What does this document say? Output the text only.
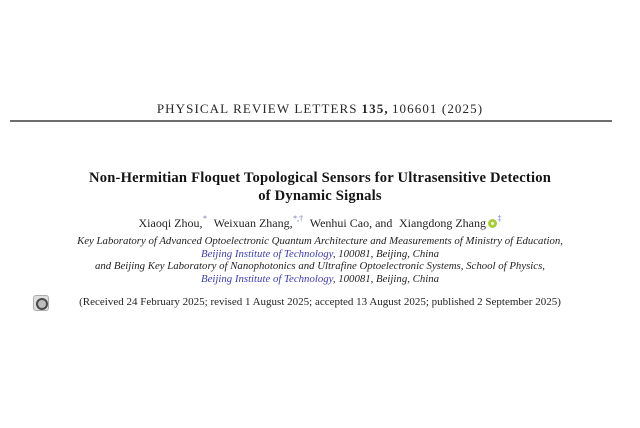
PHYSICAL REVIEW LETTERS 135, 106601 (2025)
Non-Hermitian Floquet Topological Sensors for Ultrasensitive Detection
of Dynamic Signals
Xiaoqi Zhou,* Weixuan Zhang,*,† Wenhui Cao, and Xiangdong Zhang ‡
Key Laboratory of Advanced Optoelectronic Quantum Architecture and Measurements of Ministry of Education,
Beijing Institute of Technology, 100081, Beijing, China
and Beijing Key Laboratory of Nanophotonics and Ultrafine Optoelectronic Systems, School of Physics,
Beijing Institute of Technology, 100081, Beijing, China
(Received 24 February 2025; revised 1 August 2025; accepted 13 August 2025; published 2 September 2025)
